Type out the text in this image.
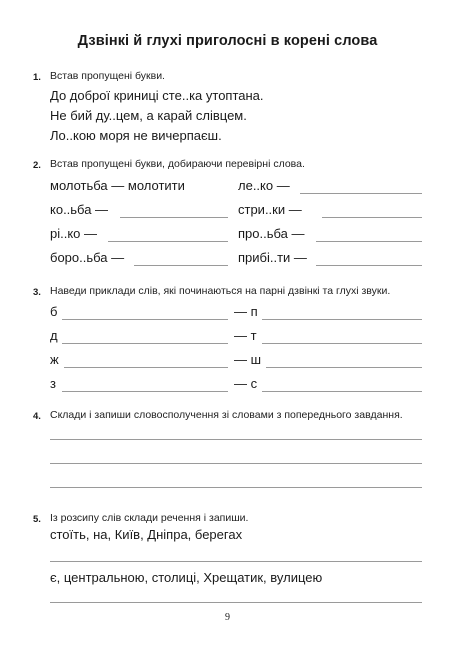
Дзвінкі й глухі приголосні в корені слова
1. Встав пропущені букви.
До доброї криниці сте..ка утоптана.
Не бий ду..цем, а карай слівцем.
Ло..кою моря не вичерпаєш.
2. Встав пропущені букви, добираючи перевірні слова.
молотьба — молотити
ко..ьба —
рі..ко —
боро..ьба —
ле..ко —
стри..ки —
про..ьба —
прибі..ти —
3. Наведи приклади слів, які починаються на парні дзвінкі та глухі звуки.
б
д
ж
з
— п
— т
— ш
— с
4. Склади і запиши словосполучення зі словами з попереднього завдання.
5. Із розсипу слів склади речення і запиши.
стоїть, на, Київ, Дніпра, берегах
є, центральною, столиці, Хрещатик, вулицею
9
